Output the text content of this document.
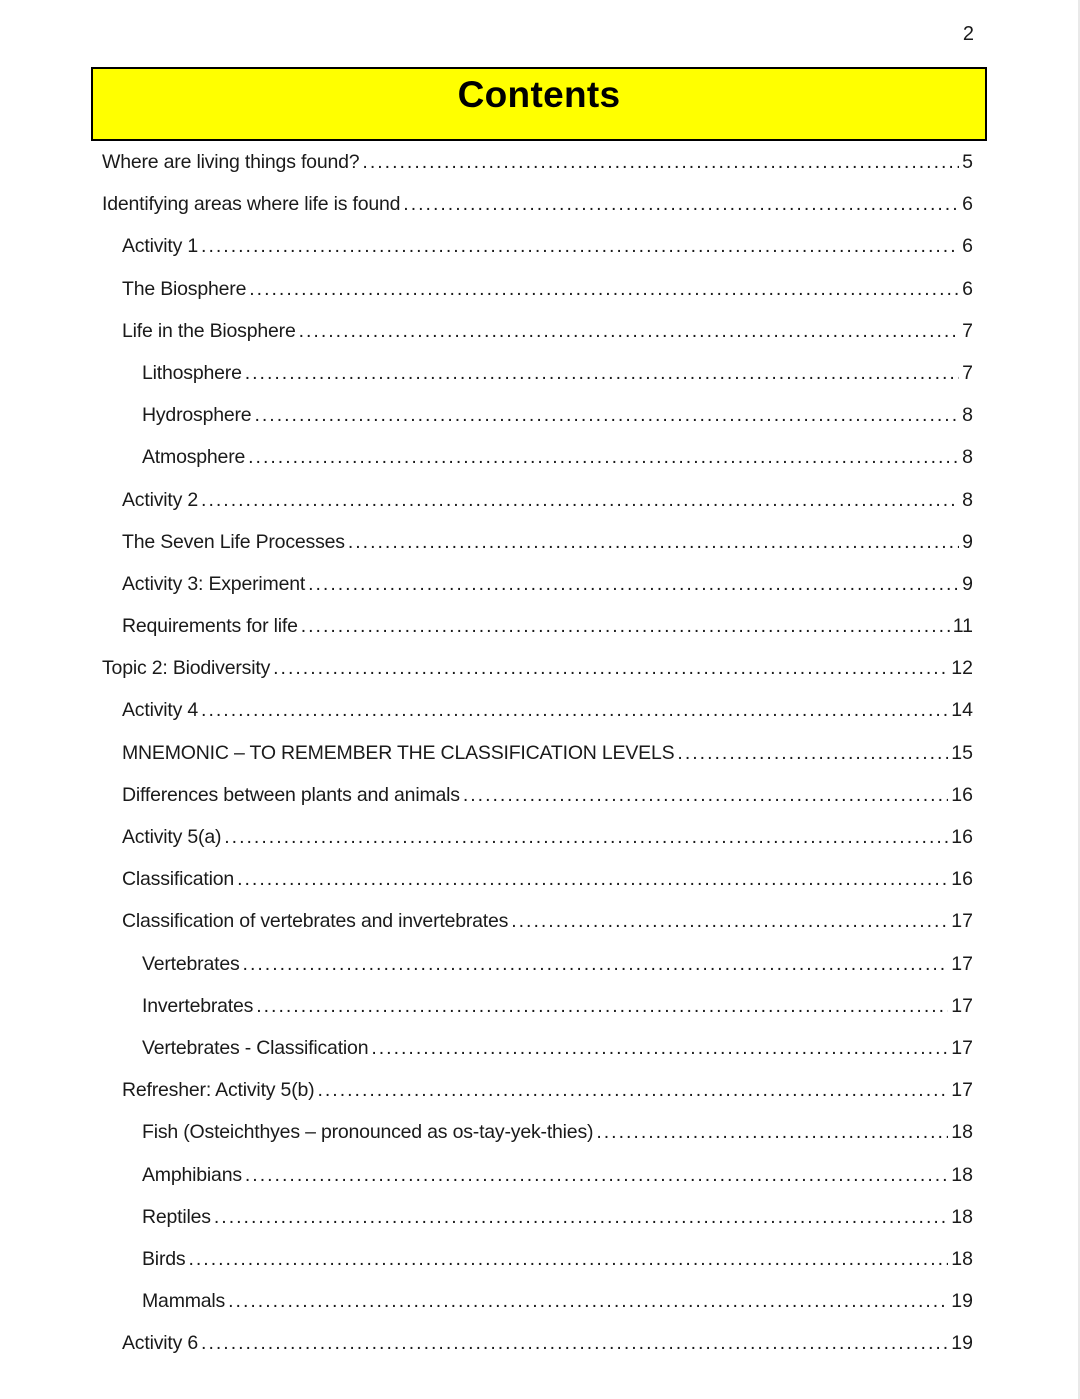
2
Contents
Where are living things found? .....	5
Identifying areas where life is found .....	6
Activity 1 .....	6
The Biosphere .....	6
Life in the Biosphere .....	7
Lithosphere .....	7
Hydrosphere .....	8
Atmosphere .....	8
Activity 2 .....	8
The Seven Life Processes .....	9
Activity 3: Experiment .....	9
Requirements for life .....	11
Topic 2: Biodiversity .....	12
Activity 4 .....	14
MNEMONIC – TO REMEMBER THE CLASSIFICATION LEVELS .....	15
Differences between plants and animals .....	16
Activity 5(a) .....	16
Classification .....	16
Classification of vertebrates and invertebrates .....	17
Vertebrates .....	17
Invertebrates .....	17
Vertebrates - Classification .....	17
Refresher: Activity 5(b) .....	17
Fish (Osteichthyes – pronounced as os-tay-yek-thies) .....	18
Amphibians .....	18
Reptiles .....	18
Birds .....	18
Mammals .....	19
Activity 6 .....	19
